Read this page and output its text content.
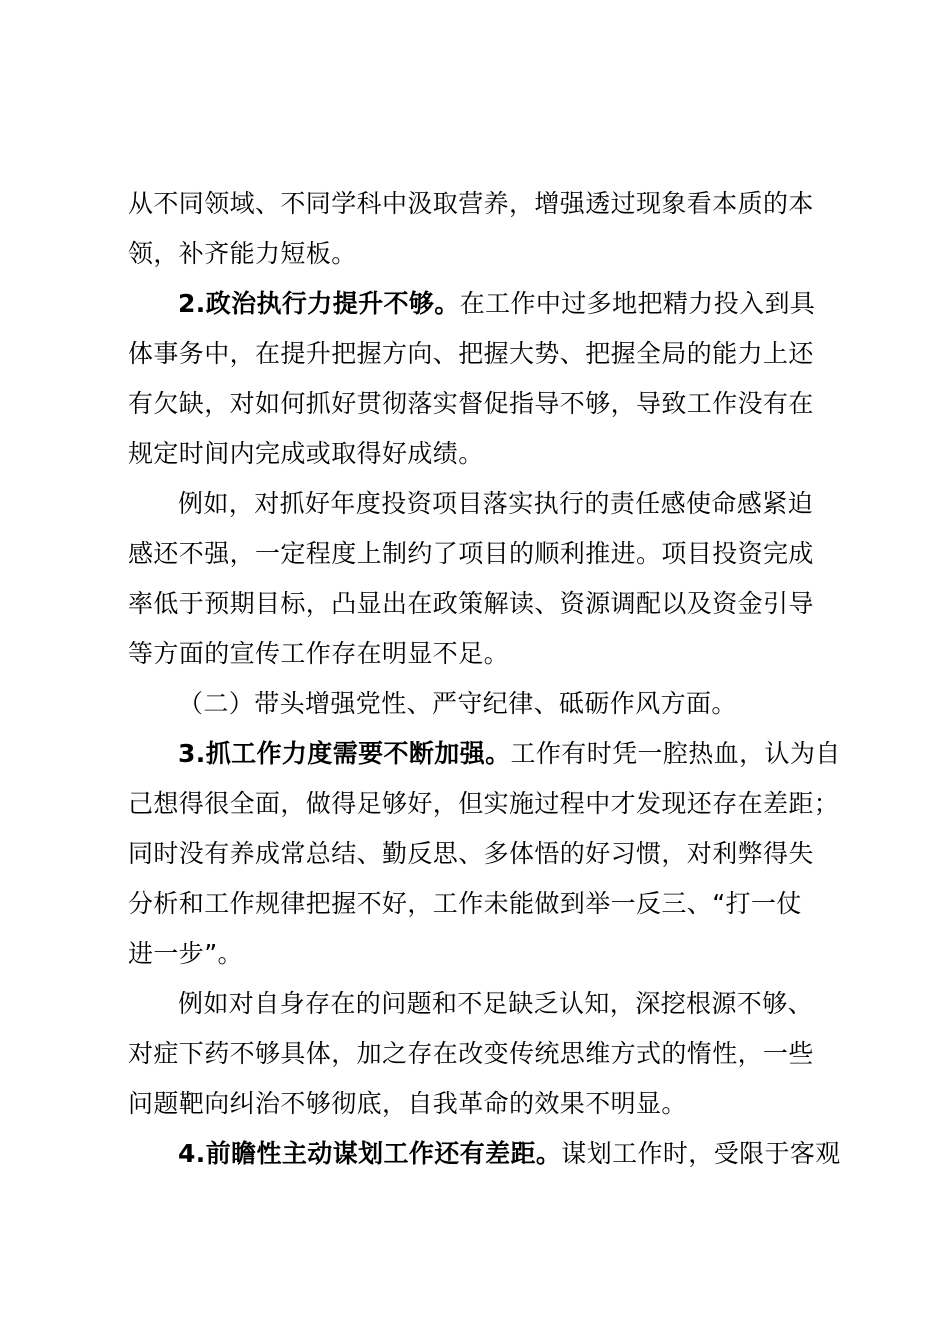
从不同领域、不同学科中汲取营养，增强透过现象看本质的本
领，补齐能力短板。
2.政治执行力提升不够。在工作中过多地把精力投入到具
体事务中，在提升把握方向、把握大势、把握全局的能力上还
有欠缺，对如何抓好贯彻落实督促指导不够，导致工作没有在
规定时间内完成或取得好成绩。
例如，对抓好年度投资项目落实执行的责任感使命感紧迫
感还不强，一定程度上制约了项目的顺利推进。项目投资完成
率低于预期目标，凸显出在政策解读、资源调配以及资金引导
等方面的宣传工作存在明显不足。
（二）带头增强党性、严守纪律、砥砺作风方面。
3.抓工作力度需要不断加强。工作有时凭一腔热血，认为自
己想得很全面，做得足够好，但实施过程中才发现还存在差距；
同时没有养成常总结、勤反思、多体悟的好习惯，对利弊得失
分析和工作规律把握不好，工作未能做到举一反三、“打一仗
进一步”。
例如对自身存在的问题和不足缺乏认知，深挖根源不够、
对症下药不够具体，加之存在改变传统思维方式的惰性，一些
问题靶向纠治不够彻底，自我革命的效果不明显。
4.前瞻性主动谋划工作还有差距。谋划工作时，受限于客观
